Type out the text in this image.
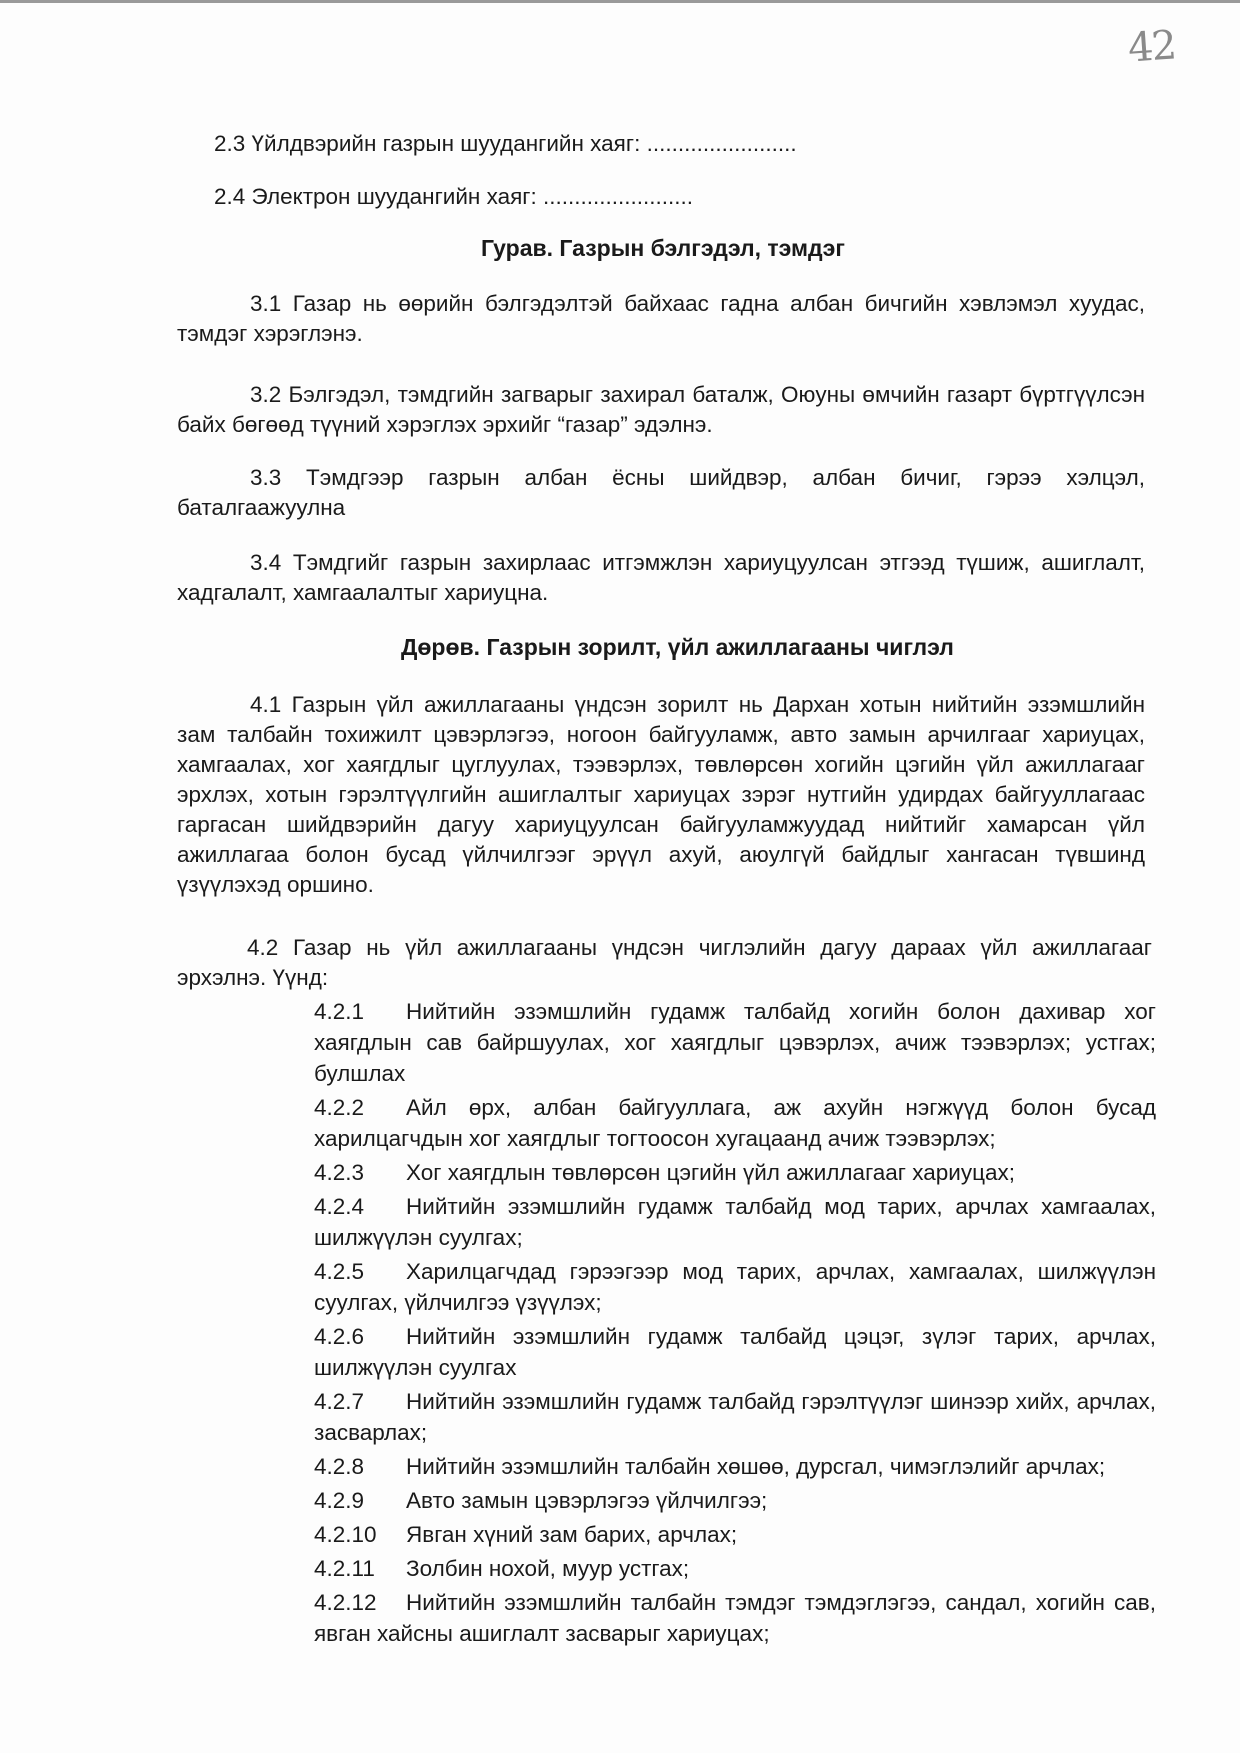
42
2.3 Үйлдвэрийн газрын шуудангийн хаяг: ........................
2.4 Электрон шуудангийн хаяг: ........................
Гурав. Газрын бэлгэдэл, тэмдэг
3.1 Газар нь өөрийн бэлгэдэлтэй байхаас гадна албан бичгийн хэвлэмэл хуудас, тэмдэг хэрэглэнэ.
3.2 Бэлгэдэл, тэмдгийн загварыг захирал баталж, Оюуны өмчийн газарт бүртгүүлсэн байх бөгөөд түүний хэрэглэх эрхийг “газар” эдэлнэ.
3.3 Тэмдгээр газрын албан ёсны шийдвэр, албан бичиг, гэрээ хэлцэл, баталгаажуулна
3.4 Тэмдгийг газрын захирлаас итгэмжлэн хариуцуулсан этгээд түшиж, ашиглалт, хадгалалт, хамгаалалтыг хариуцна.
Дөрөв. Газрын зорилт, үйл ажиллагааны чиглэл
4.1 Газрын үйл ажиллагааны үндсэн зорилт нь Дархан хотын нийтийн эзэмшлийн зам талбайн тохижилт цэвэрлэгээ, ногоон байгууламж, авто замын арчилгааг хариуцах, хамгаалах, хог хаягдлыг цуглуулах, тээвэрлэх, төвлөрсөн хогийн цэгийн үйл ажиллагааг эрхлэх, хотын гэрэлтүүлгийн ашиглалтыг хариуцах зэрэг нутгийн удирдах байгууллагаас гаргасан шийдвэрийн дагуу хариуцуулсан байгууламжуудад нийтийг хамарсан үйл ажиллагаа болон бусад үйлчилгээг эрүүл ахуй, аюулгүй байдлыг хангасан түвшинд үзүүлэхэд оршино.
4.2 Газар нь үйл ажиллагааны үндсэн чиглэлийн дагуу дараах үйл ажиллагааг эрхэлнэ. Үүнд:
4.2.1 Нийтийн эзэмшлийн гудамж талбайд хогийн болон дахивар хог хаягдлын сав байршуулах, хог хаягдлыг цэвэрлэх, ачиж тээвэрлэх; устгах; булшлах
4.2.2 Айл өрх, албан байгууллага, аж ахуйн нэгжүүд болон бусад харилцагчдын хог хаягдлыг тогтоосон хугацаанд ачиж тээвэрлэх;
4.2.3 Хог хаягдлын төвлөрсөн цэгийн үйл ажиллагааг хариуцах;
4.2.4 Нийтийн эзэмшлийн гудамж талбайд мод тарих, арчлах хамгаалах, шилжүүлэн суулгах;
4.2.5 Харилцагчдад гэрээгээр мод тарих, арчлах, хамгаалах, шилжүүлэн суулгах, үйлчилгээ үзүүлэх;
4.2.6 Нийтийн эзэмшлийн гудамж талбайд цэцэг, зүлэг тарих, арчлах, шилжүүлэн суулгах
4.2.7 Нийтийн эзэмшлийн гудамж талбайд гэрэлтүүлэг шинээр хийх, арчлах, засварлах;
4.2.8 Нийтийн эзэмшлийн талбайн хөшөө, дурсгал, чимэглэлийг арчлах;
4.2.9 Авто замын цэвэрлэгээ үйлчилгээ;
4.2.10 Явган хүний зам барих, арчлах;
4.2.11 Золбин нохой, муур устгах;
4.2.12 Нийтийн эзэмшлийн талбайн тэмдэг тэмдэглэгээ, сандал, хогийн сав, явган хайсны ашиглалт засварыг хариуцах;
